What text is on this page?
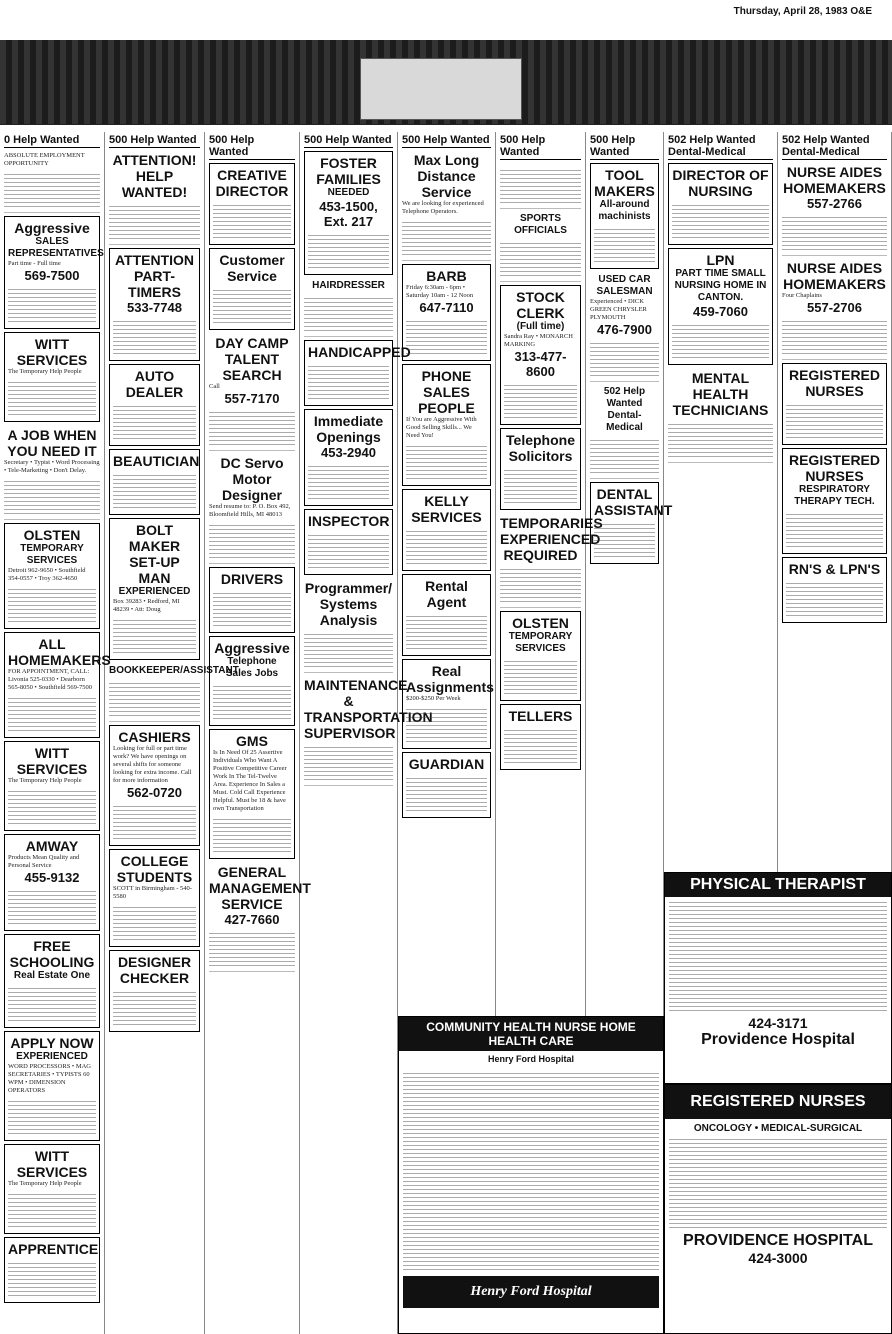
Thursday, April 28, 1983 O&E
0 Help Wanted
ABSOLUTE EMPLOYMENT OPPORTUNITY
Aggressive
SALES REPRESENTATIVES
Part time - Full time
569-7500
WITT SERVICES
The Temporary Help People
A JOB WHEN YOU NEED IT
Secretary • Typist • Word Processing • Tele-Marketing • Don't Delay.
OLSTEN
TEMPORARY SERVICES
Detroit 962-9650 • Southfield 354-0557 • Troy 362-4650
ALL HOMEMAKERS
FOR APPOINTMENT, CALL: Livonia 525-0330 • Dearborn 565-8050 • Southfield 569-7500
WITT SERVICES
The Temporary Help People
AMWAY
Products Mean Quality and Personal Service
455-9132
FREE SCHOOLING
Real Estate One
APPLY NOW
EXPERIENCED
WORD PROCESSORS • MAG SECRETARIES • TYPISTS 60 WPM • DIMENSION OPERATORS
WITT SERVICES
The Temporary Help People
APPRENTICE
500 Help Wanted
ATTENTION! HELP WANTED!
ATTENTION PART-TIMERS
533-7748
AUTO DEALER
BEAUTICIAN
BOLT MAKER SET-UP MAN
EXPERIENCED
Box 39283 • Redford, MI 48239 • Att: Doug
BOOKKEEPER/ASSISTANT
CASHIERS
Looking for full or part time work? We have openings on several shifts for someone looking for extra income. Call for more information
562-0720
COLLEGE STUDENTS
SCOTT in Birmingham - 540-5580
DESIGNER CHECKER
500 Help Wanted
CREATIVE DIRECTOR
Customer Service
DAY CAMP TALENT SEARCH
Call
557-7170
DC Servo Motor Designer
Send resume to: P. O. Box 492, Bloomfield Hills, MI 48013
DRIVERS
Aggressive
Telephone Sales Jobs
GMS
Is In Need Of 25 Assertive Individuals Who Want A Positive Competitive Career Work In The Tel-Twelve Area. Experience In Sales a Must. Cold Call Experience Helpful. Must be 18 & have own Transportation
GENERAL MANAGEMENT SERVICE
427-7660
500 Help Wanted
FOSTER FAMILIES
NEEDED
453-1500, Ext. 217
HAIRDRESSER
HANDICAPPED
Immediate Openings
453-2940
INSPECTOR
Programmer/ Systems Analysis
MAINTENANCE & TRANSPORTATION SUPERVISOR
500 Help Wanted
Max Long Distance Service
We are looking for experienced Telephone Operators.
BARB
Friday 6:30am - 6pm • Saturday 10am - 12 Noon
647-7110
PHONE SALES PEOPLE
If You are Aggressive With Good Selling Skills... We Need You!
KELLY SERVICES
Rental Agent
Real Assignments
$200-$250 Per Week
GUARDIAN
500 Help Wanted
SPORTS OFFICIALS
STOCK CLERK
(Full time)
Sandra Ray • MONARCH MARKING
313-477-8600
Telephone Solicitors
TEMPORARIES EXPERIENCED REQUIRED
OLSTEN
TEMPORARY SERVICES
TELLERS
500 Help Wanted
TOOL MAKERS
All-around machinists
USED CAR SALESMAN
Experienced • DICK GREEN CHRYSLER PLYMOUTH
476-7900
502 Help Wanted Dental-Medical
DENTAL ASSISTANT
502 Help Wanted Dental-Medical
DIRECTOR OF NURSING
LPN
PART TIME SMALL NURSING HOME IN CANTON.
459-7060
MENTAL HEALTH TECHNICIANS
502 Help Wanted Dental-Medical
NURSE AIDES HOMEMAKERS
557-2766
NURSE AIDES HOMEMAKERS
Four Chaplains
557-2706
REGISTERED NURSES
REGISTERED NURSES
RESPIRATORY THERAPY TECH.
RN'S & LPN'S
COMMUNITY HEALTH NURSE HOME HEALTH CARE
Henry Ford Hospital
Henry Ford Hospital
PHYSICAL THERAPIST
424-3171
Providence Hospital
REGISTERED NURSES
ONCOLOGY • MEDICAL-SURGICAL
PROVIDENCE HOSPITAL
424-3000
